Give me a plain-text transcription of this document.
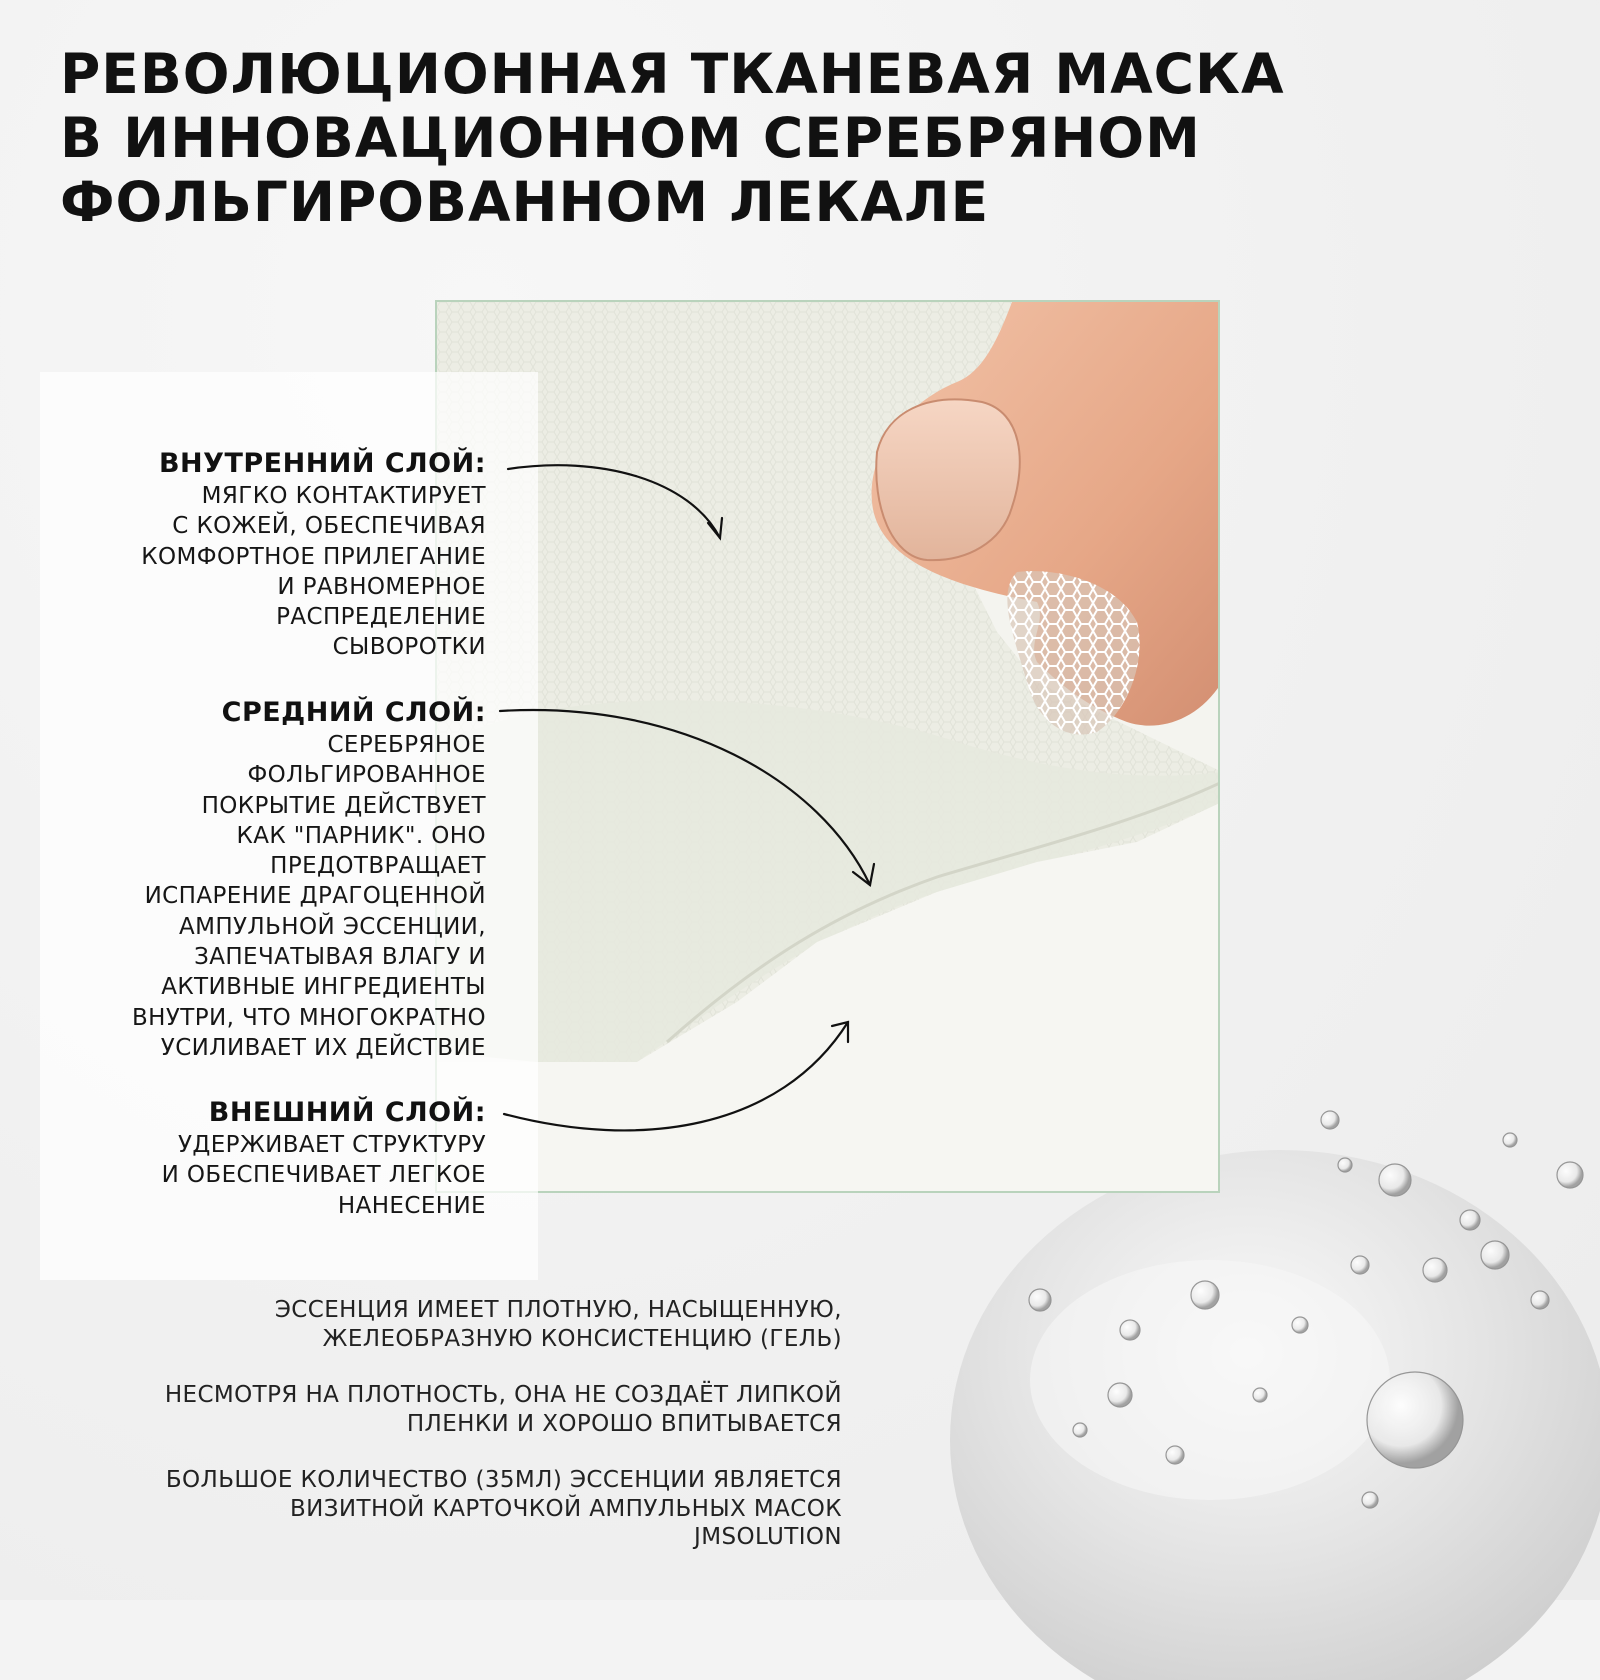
РЕВОЛЮЦИОННАЯ ТКАНЕВАЯ МАСКА
В ИННОВАЦИОННОМ СЕРЕБРЯНОМ
ФОЛЬГИРОВАННОМ ЛЕКАЛЕ
ВНУТРЕННИЙ СЛОЙ:
МЯГКО КОНТАКТИРУЕТ
С КОЖЕЙ, ОБЕСПЕЧИВАЯ
КОМФОРТНОЕ ПРИЛЕГАНИЕ
И РАВНОМЕРНОЕ
РАСПРЕДЕЛЕНИЕ
СЫВОРОТКИ
СРЕДНИЙ СЛОЙ:
СЕРЕБРЯНОЕ
ФОЛЬГИРОВАННОЕ
ПОКРЫТИЕ ДЕЙСТВУЕТ
КАК "ПАРНИК". ОНО
ПРЕДОТВРАЩАЕТ
ИСПАРЕНИЕ ДРАГОЦЕННОЙ
АМПУЛЬНОЙ ЭССЕНЦИИ,
ЗАПЕЧАТЫВАЯ ВЛАГУ И
АКТИВНЫЕ ИНГРЕДИЕНТЫ
ВНУТРИ, ЧТО МНОГОКРАТНО
УСИЛИВАЕТ ИХ ДЕЙСТВИЕ
ВНЕШНИЙ СЛОЙ:
УДЕРЖИВАЕТ СТРУКТУРУ
И ОБЕСПЕЧИВАЕТ ЛЕГКОЕ
НАНЕСЕНИЕ
ЭССЕНЦИЯ ИМЕЕТ ПЛОТНУЮ, НАСЫЩЕННУЮ,
ЖЕЛЕОБРАЗНУЮ КОНСИСТЕНЦИЮ (ГЕЛЬ)
НЕСМОТРЯ НА ПЛОТНОСТЬ, ОНА НЕ СОЗДАЁТ ЛИПКОЙ
ПЛЕНКИ И ХОРОШО ВПИТЫВАЕТСЯ
БОЛЬШОЕ КОЛИЧЕСТВО (35МЛ) ЭССЕНЦИИ ЯВЛЯЕТСЯ
ВИЗИТНОЙ КАРТОЧКОЙ АМПУЛЬНЫХ МАСОК
JMSOLUTION
